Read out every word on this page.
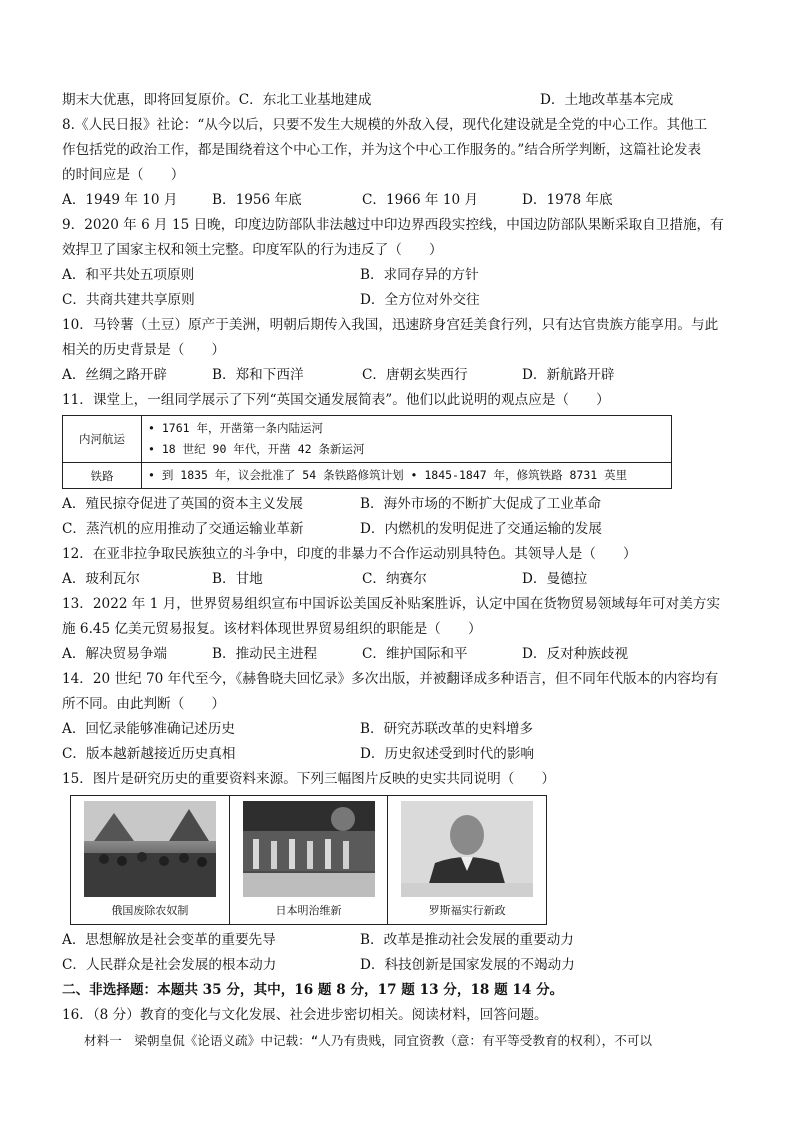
期末大优惠，即将回复原价。C．东北工业基地建成	D．土地改革基本完成
8.《人民日报》社论：“从今以后，只要不发生大规模的外敌入侵，现代化建设就是全党的中心工作。其他工
作包括党的政治工作，都是围绕着这个中心工作，并为这个中心工作服务的。”结合所学判断，这篇社论发表
的时间应是（　　）
A．1949 年 10 月	B．1956 年底	C．1966 年 10 月	D．1978 年底
9．2020 年 6 月 15 日晚，印度边防部队非法越过中印边界西段实控线，中国边防部队果断采取自卫措施，有
效捍卫了国家主权和领土完整。印度军队的行为违反了（　　）
A．和平共处五项原则	B．求同存异的方针
C．共商共建共享原则	D．全方位对外交往
10．马铃薯（土豆）原产于美洲，明朝后期传入我国，迅速跻身宫廷美食行列，只有达官贵族方能享用。与此
相关的历史背景是（　　）
A．丝绸之路开辟	B．郑和下西洋	C．唐朝玄奘西行	D．新航路开辟
11．课堂上，一组同学展示了下列“英国交通发展简表”。他们以此说明的观点应是（　　）
内河航运	• 1761 年，开凿第一条内陆运河
• 18 世纪 90 年代，开凿 42 条新运河

铁路	• 到 1835 年，议会批准了 54 条铁路修筑计划 • 1845-1847 年，修筑铁路 8731 英里
A．殖民掠夺促进了英国的资本主义发展	B．海外市场的不断扩大促成了工业革命
C．蒸汽机的应用推动了交通运输业革新	D．内燃机的发明促进了交通运输的发展
12．在亚非拉争取民族独立的斗争中，印度的非暴力不合作运动别具特色。其领导人是（　　）
A．玻利瓦尔	B．甘地	C．纳赛尔	D．曼德拉
13．2022 年 1 月，世界贸易组织宣布中国诉讼美国反补贴案胜诉，认定中国在货物贸易领域每年可对美方实
施 6.45 亿美元贸易报复。该材料体现世界贸易组织的职能是（　　）
A．解决贸易争端	B．推动民主进程	C．维护国际和平	D．反对种族歧视
14．20 世纪 70 年代至今，《赫鲁晓夫回忆录》多次出版，并被翻译成多种语言，但不同年代版本的内容均有
所不同。由此判断（　　）
A．回忆录能够准确记述历史	B．研究苏联改革的史料增多
C．版本越新越接近历史真相	D．历史叙述受到时代的影响
15．图片是研究历史的重要资料来源。下列三幅图片反映的史实共同说明（　　）
俄国废除农奴制	日本明治维新	罗斯福实行新政
A．思想解放是社会变革的重要先导	B．改革是推动社会发展的重要动力
C．人民群众是社会发展的根本动力	D．科技创新是国家发展的不竭动力
二、非选择题：本题共 35 分，其中，16 题 8 分，17 题 13 分，18 题 14 分。
16．（8 分）教育的变化与文化发展、社会进步密切相关。阅读材料，回答问题。
材料一　梁朝皇侃《论语义疏》中记载：“人乃有贵贱，同宜资教（意：有平等受教育的权利），不可以
